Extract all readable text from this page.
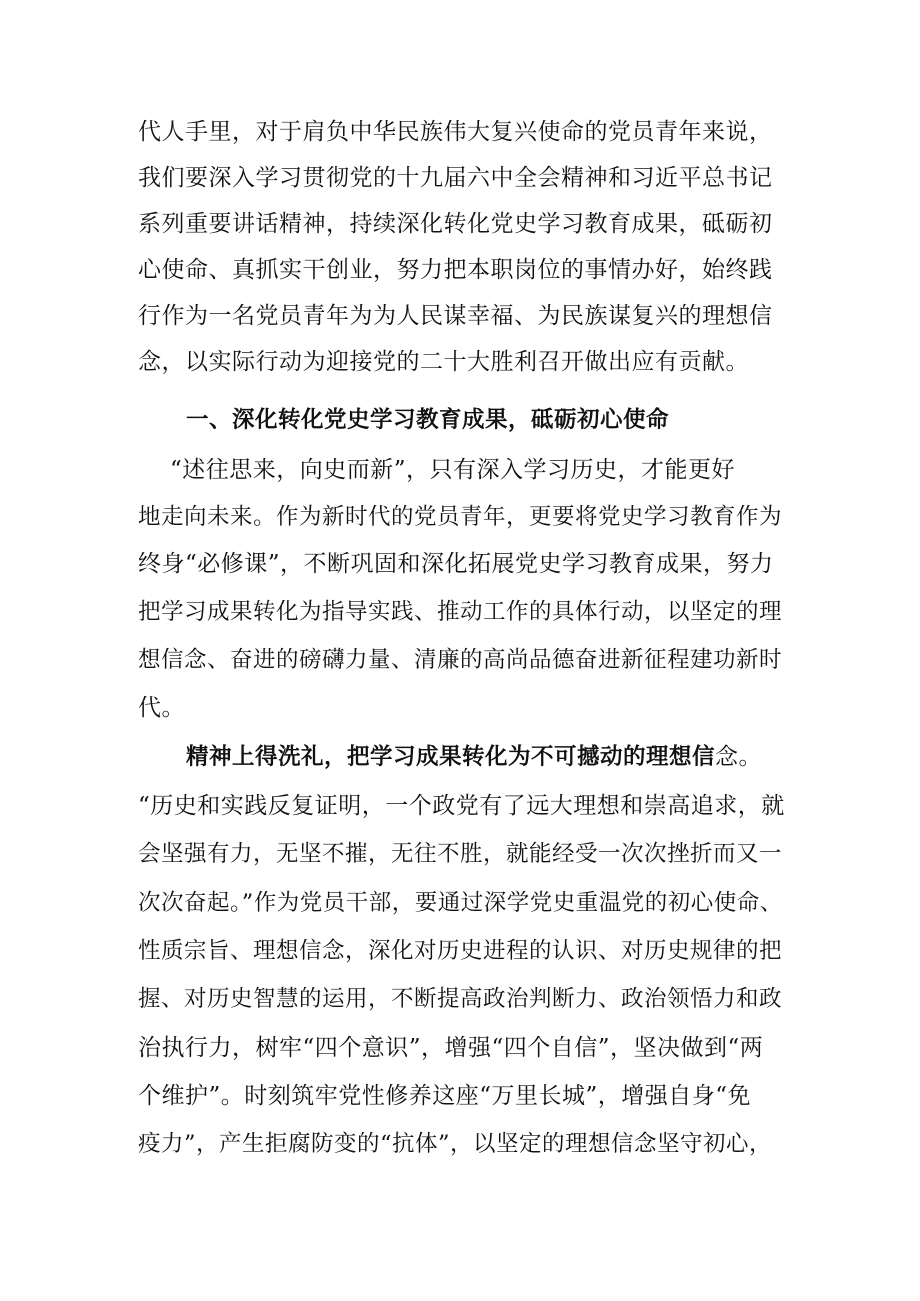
代人手里，对于肩负中华民族伟大复兴使命的党员青年来说，
我们要深入学习贯彻党的十九届六中全会精神和习近平总书记
系列重要讲话精神，持续深化转化党史学习教育成果，砥砺初
心使命、真抓实干创业，努力把本职岗位的事情办好，始终践
行作为一名党员青年为为人民谋幸福、为民族谋复兴的理想信
念，以实际行动为迎接党的二十大胜利召开做出应有贡献。
一、深化转化党史学习教育成果，砥砺初心使命
“述往思来，向史而新”，只有深入学习历史，才能更好
地走向未来。作为新时代的党员青年，更要将党史学习教育作为
终身“必修课”，不断巩固和深化拓展党史学习教育成果，努力
把学习成果转化为指导实践、推动工作的具体行动，以坚定的理
想信念、奋进的磅礴力量、清廉的高尚品德奋进新征程建功新时
代。
精神上得洗礼，把学习成果转化为不可撼动的理想信念。
“历史和实践反复证明，一个政党有了远大理想和崇高追求，就
会坚强有力，无坚不摧，无往不胜，就能经受一次次挫折而又一
次次奋起。”作为党员干部，要通过深学党史重温党的初心使命、
性质宗旨、理想信念，深化对历史进程的认识、对历史规律的把
握、对历史智慧的运用，不断提高政治判断力、政治领悟力和政
治执行力，树牢“四个意识”，增强“四个自信”，坚决做到“两
个维护”。时刻筑牢党性修养这座“万里长城”，增强自身“免
疫力”，产生拒腐防变的“抗体”，以坚定的理想信念坚守初心，
